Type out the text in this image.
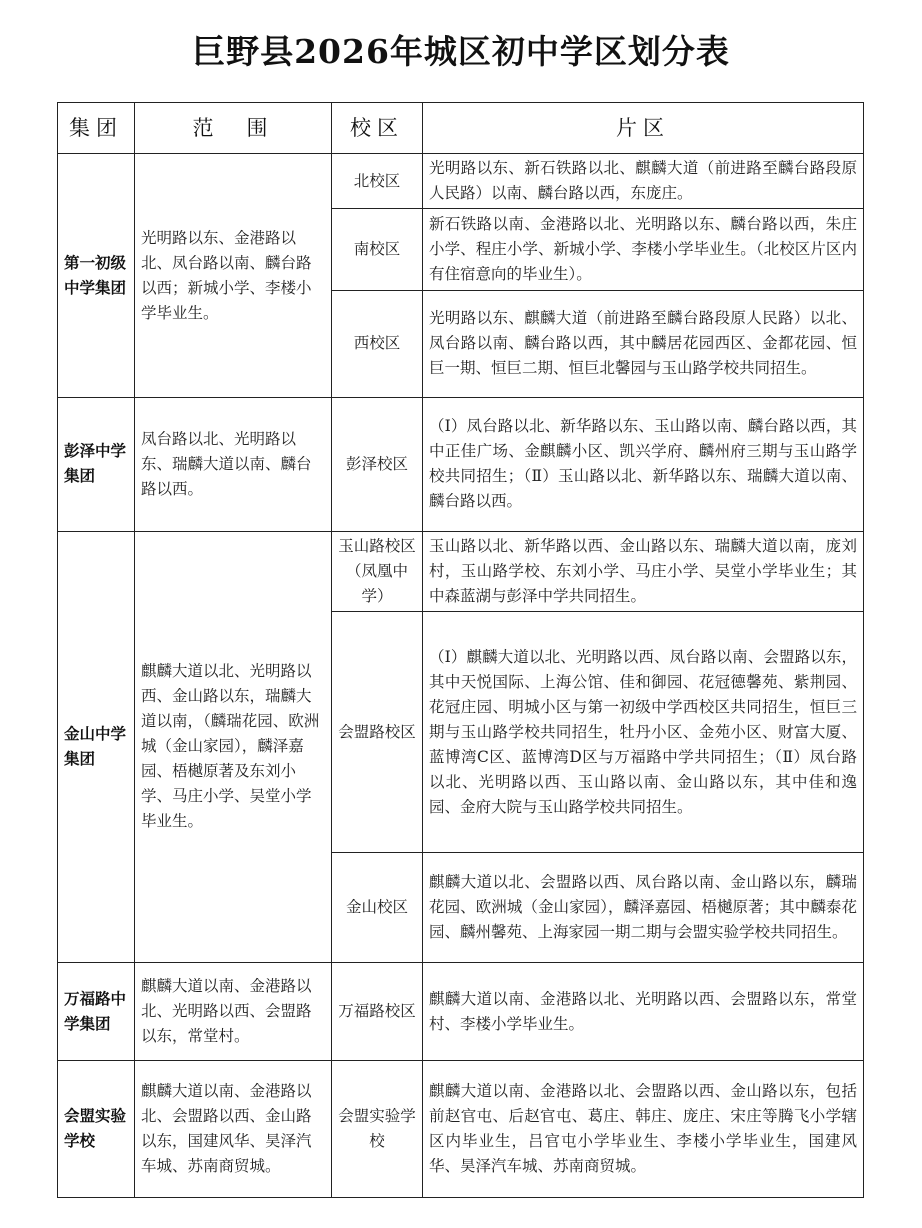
巨野县2026年城区初中学区划分表
集团	范　围	校区	片区
第一初级中学集团	光明路以东、金港路以北、凤台路以南、麟台路以西；新城小学、李楼小学毕业生。	北校区	光明路以东、新石铁路以北、麒麟大道（前进路至麟台路段原人民路）以南、麟台路以西，东庞庄。
		南校区	新石铁路以南、金港路以北、光明路以东、麟台路以西，朱庄小学、程庄小学、新城小学、李楼小学毕业生。（北校区片区内有住宿意向的毕业生）。
		西校区	光明路以东、麒麟大道（前进路至麟台路段原人民路）以北、凤台路以南、麟台路以西，其中麟居花园西区、金都花园、恒巨一期、恒巨二期、恒巨北馨园与玉山路学校共同招生。
彭泽中学集团	凤台路以北、光明路以东、瑞麟大道以南、麟台路以西。	彭泽校区	（Ⅰ）凤台路以北、新华路以东、玉山路以南、麟台路以西，其中正佳广场、金麒麟小区、凯兴学府、麟州府三期与玉山路学校共同招生；（Ⅱ）玉山路以北、新华路以东、瑞麟大道以南、麟台路以西。
金山中学集团	麒麟大道以北、光明路以西、金山路以东，瑞麟大道以南，（麟瑞花园、欧洲城（金山家园），麟泽嘉园、梧樾原著及东刘小学、马庄小学、吴堂小学毕业生。	玉山路校区（凤凰中学）	玉山路以北、新华路以西、金山路以东、瑞麟大道以南，庞刘村，玉山路学校、东刘小学、马庄小学、吴堂小学毕业生；其中森蓝湖与彭泽中学共同招生。
		会盟路校区	（Ⅰ）麒麟大道以北、光明路以西、凤台路以南、会盟路以东，其中天悦国际、上海公馆、佳和御园、花冠德馨苑、紫荆园、花冠庄园、明城小区与第一初级中学西校区共同招生，恒巨三期与玉山路学校共同招生，牡丹小区、金苑小区、财富大厦、蓝博湾C区、蓝博湾D区与万福路中学共同招生；（Ⅱ）凤台路以北、光明路以西、玉山路以南、金山路以东，其中佳和逸园、金府大院与玉山路学校共同招生。
		金山校区	麒麟大道以北、会盟路以西、凤台路以南、金山路以东，麟瑞花园、欧洲城（金山家园），麟泽嘉园、梧樾原著；其中麟泰花园、麟州馨苑、上海家园一期二期与会盟实验学校共同招生。
万福路中学集团	麒麟大道以南、金港路以北、光明路以西、会盟路以东，常堂村。	万福路校区	麒麟大道以南、金港路以北、光明路以西、会盟路以东，常堂村、李楼小学毕业生。
会盟实验学校	麒麟大道以南、金港路以北、会盟路以西、金山路以东，国建风华、昊泽汽车城、苏南商贸城。	会盟实验学校	麒麟大道以南、金港路以北、会盟路以西、金山路以东，包括前赵官屯、后赵官屯、葛庄、韩庄、庞庄、宋庄等腾飞小学辖区内毕业生，吕官屯小学毕业生、李楼小学毕业生，国建风华、昊泽汽车城、苏南商贸城。
